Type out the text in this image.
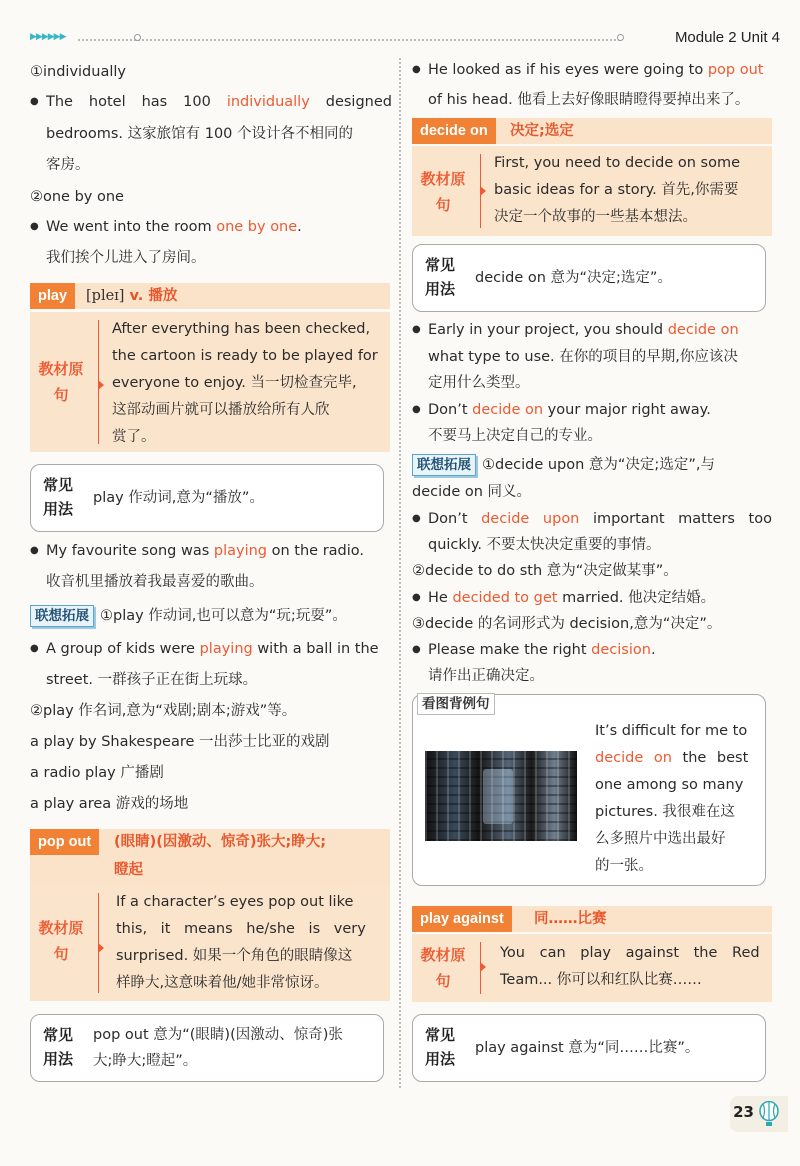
▶▶▶▶▶▶	Module 2 Unit 4
①individually
● The hotel has 100 individually designed
bedrooms. 这家旅馆有 100 个设计各不相同的
客房。
②one by one
● We went into the room one by one.
我们挨个儿进入了房间。
play	[pleɪ] v. 播放
教材原句
After everything has been checked,
the cartoon is ready to be played for
everyone to enjoy. 当一切检查完毕,
这部动画片就可以播放给所有人欣
赏了。
常见用法
play 作动词,意为“播放”。
● My favourite song was playing on the radio.
收音机里播放着我最喜爱的歌曲。
联想拓展 ①play 作动词,也可以意为“玩;玩耍”。
● A group of kids were playing with a ball in the
street. 一群孩子正在街上玩球。
②play 作名词,意为“戏剧;剧本;游戏”等。
a play by Shakespeare 一出莎士比亚的戏剧
a radio play 广播剧
a play area 游戏的场地
pop out	(眼睛)(因激动、惊奇)张大;睁大;
瞪起
教材原句
If a character’s eyes pop out like
this, it means he/she is very
surprised. 如果一个角色的眼睛像这
样睁大,这意味着他/她非常惊讶。
常见用法
pop out 意为“(眼睛)(因激动、惊奇)张
大;睁大;瞪起”。
● He looked as if his eyes were going to pop out
of his head. 他看上去好像眼睛瞪得要掉出来了。
decide on	决定;选定
教材原句
First, you need to decide on some
basic ideas for a story. 首先,你需要
决定一个故事的一些基本想法。
常见用法
decide on 意为“决定;选定”。
● Early in your project, you should decide on
what type to use. 在你的项目的早期,你应该决
定用什么类型。
● Don’t decide on your major right away.
不要马上决定自己的专业。
联想拓展 ①decide upon 意为“决定;选定”,与
decide on 同义。
● Don’t decide upon important matters too
quickly. 不要太快决定重要的事情。
②decide to do sth 意为“决定做某事”。
● He decided to get married. 他决定结婚。
③decide 的名词形式为 decision,意为“决定”。
● Please make the right decision.
请作出正确决定。
看图背例句
It’s difficult for me to
decide on the best
one among so many
pictures. 我很难在这
么多照片中选出最好
的一张。
play against	同……比赛
教材原句
You can play against the Red
Team... 你可以和红队比赛……
常见用法
play against 意为“同……比赛”。
23
